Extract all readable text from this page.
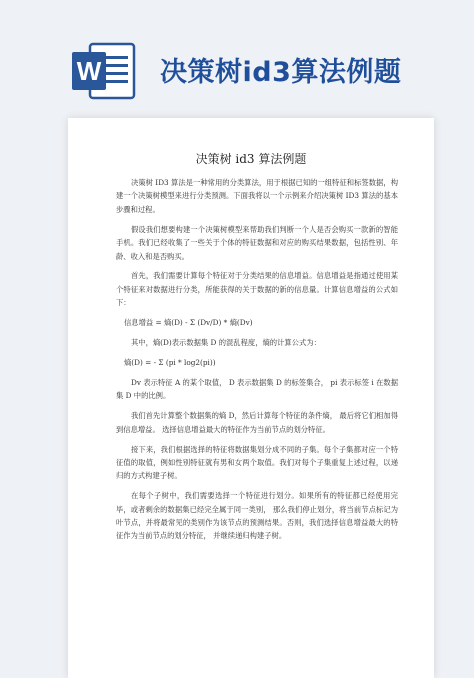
W 决策树id3算法例题
决策树 id3 算法例题

决策树 ID3 算法是一种常用的分类算法，用于根据已知的一组特征和标签数据，构建一个决策树模型来进行分类预测。下面我将以一个示例来介绍决策树 ID3 算法的基本步骤和过程。

假设我们想要构建一个决策树模型来帮助我们判断一个人是否会购买一款新的智能手机。我们已经收集了一些关于个体的特征数据和对应的购买结果数据，包括性别、年龄、收入和是否购买。

首先，我们需要计算每个特征对于分类结果的信息增益。信息增益是指通过使用某个特征来对数据进行分类，所能获得的关于数据的新的信息量。计算信息增益的公式如下：

信息增益 = 熵(D) - Σ (Dv/D) * 熵(Dv)

其中，熵(D)表示数据集 D 的混乱程度，熵的计算公式为：

熵(D) = - Σ (pi * log2(pi))

Dv 表示特征 A 的某个取值， D 表示数据集 D 的标签集合， pi 表示标签 i 在数据集 D 中的比例。

我们首先计算整个数据集的熵 D，然后计算每个特征的条件熵， 最后将它们相加得到信息增益。 选择信息增益最大的特征作为当前节点的划分特征。

接下来，我们根据选择的特征将数据集划分成不同的子集。每个子集都对应一个特征值的取值，例如性别特征就有男和女两个取值。我们对每个子集重复上述过程，以递归的方式构建子树。

在每个子树中，我们需要选择一个特征进行划分。如果所有的特征都已经使用完毕，或者剩余的数据集已经完全属于同一类别， 那么我们停止划分，将当前节点标记为叶节点，并将最常见的类别作为该节点的预测结果。否则，我们选择信息增益最大的特征作为当前节点的划分特征， 并继续递归构建子树。
